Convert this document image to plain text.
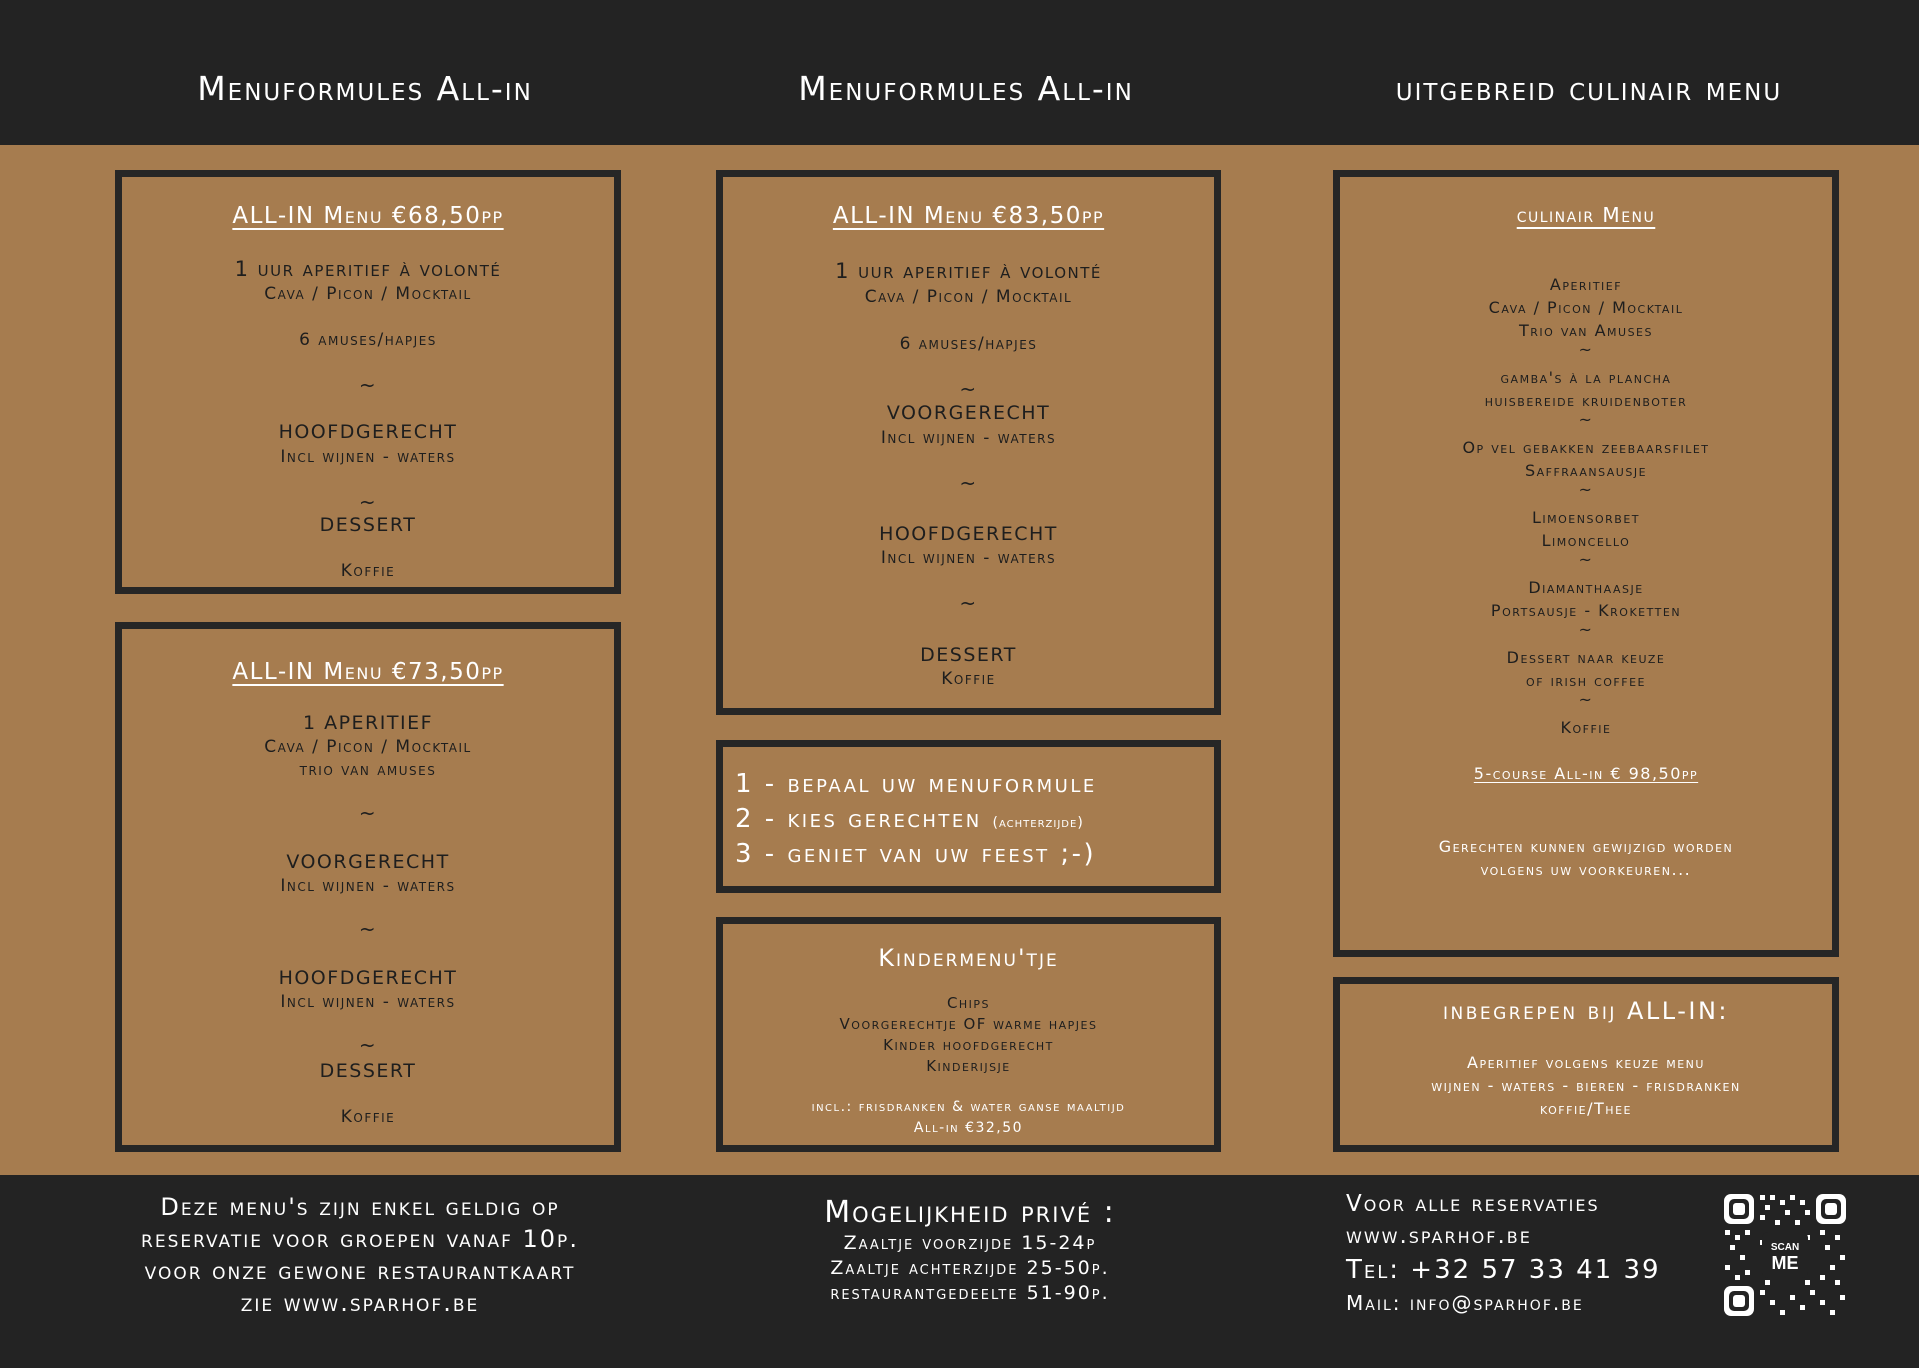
Menuformules All-in	Menuformules All-in	uitgebreid culinair menu
ALL-IN Menu €68,50pp
1 uur aperitief à volonté
Cava / Picon / Mocktail
6 amuses/hapjes
~
HOOFDGERECHT
Incl wijnen - waters
~
DESSERT
Koffie
ALL-IN Menu €73,50pp
1 APERITIEF
Cava / Picon / Mocktail
trio van amuses
~
VOORGERECHT
Incl wijnen - waters
~
HOOFDGERECHT
Incl wijnen - waters
~
DESSERT
Koffie
ALL-IN Menu €83,50pp
1 uur aperitief à volonté
Cava / Picon / Mocktail
6 amuses/hapjes
~
VOORGERECHT
Incl wijnen - waters
~
HOOFDGERECHT
Incl wijnen - waters
~
DESSERT
Koffie
1 - bepaal uw menuformule
2 - kies gerechten (achterzijde)
3 - geniet van uw feest ;-)
Kindermenu'tje
Chips
Voorgerechtje OF warme hapjes
Kinder hoofdgerecht
Kinderijsje
incl.: frisdranken & water ganse maaltijd
All-in €32,50
culinair Menu
Aperitief
Cava / Picon / Mocktail
Trio van Amuses
~
gamba's à la plancha
huisbereide kruidenboter
~
Op vel gebakken zeebaarsfilet
Saffraansausje
~
Limoensorbet
Limoncello
~
Diamanthaasje
Portsausje - Kroketten
~
Dessert naar keuze
of irish coffee
~
Koffie
5-course All-in € 98,50pp
Gerechten kunnen gewijzigd worden
volgens uw voorkeuren...
inbegrepen bij ALL-IN:
Aperitief volgens keuze menu
wijnen - waters - bieren - frisdranken
koffie/Thee
Deze menu's zijn enkel geldig op
reservatie voor groepen vanaf 10p.
voor onze gewone restaurantkaart
zie www.sparhof.be
Mogelijkheid privé :
Zaaltje voorzijde 15-24p
Zaaltje achterzijde 25-50p.
restaurantgedeelte 51-90p.
Voor alle reservaties
www.sparhof.be
Tel: +32 57 33 41 39
Mail: info@sparhof.be
SCAN
ME
